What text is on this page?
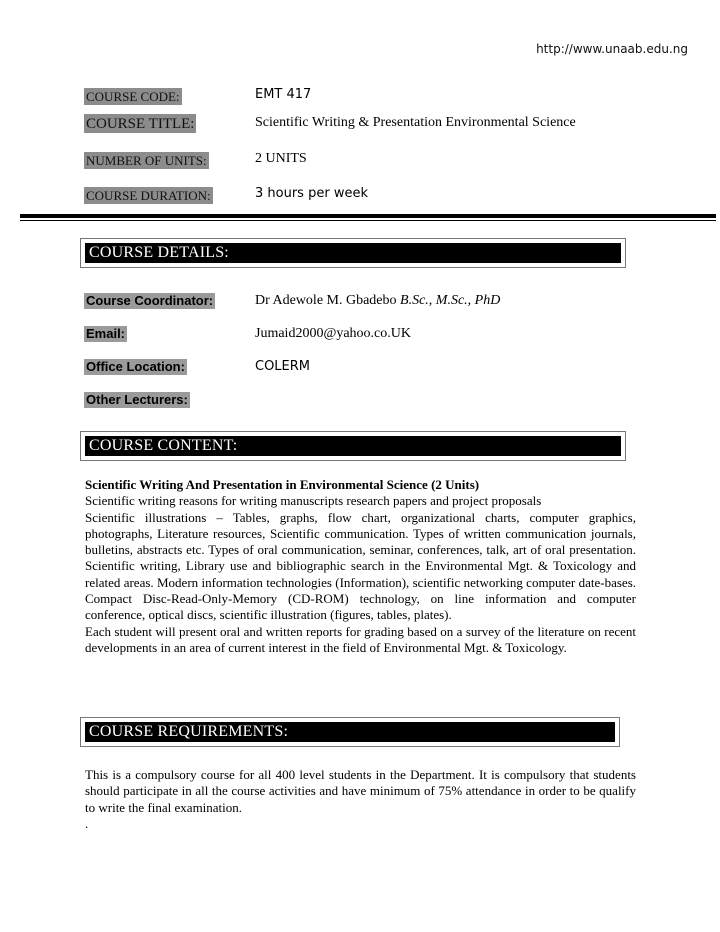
http://www.unaab.edu.ng
COURSE CODE:	EMT 417
COURSE TITLE:	Scientific Writing & Presentation Environmental Science
NUMBER OF UNITS:	2 UNITS
COURSE DURATION:	3 hours per week
COURSE DETAILS:
Course Coordinator:	Dr Adewole M. Gbadebo B.Sc., M.Sc., PhD
Email:	Jumaid2000@yahoo.co.UK
Office Location:	COLERM
Other Lecturers:
COURSE CONTENT:

Scientific Writing And Presentation in Environmental Science (2 Units)

Scientific writing reasons for writing manuscripts research papers and project proposals

Scientific illustrations – Tables, graphs, flow chart, organizational charts, computer graphics, photographs, Literature resources, Scientific communication. Types of written communication journals, bulletins, abstracts etc. Types of oral communication, seminar, conferences, talk, art of oral presentation. Scientific writing, Library use and bibliographic search in the Environmental Mgt. & Toxicology and related areas. Modern information technologies (Information), scientific networking computer date-bases. Compact Disc-Read-Only-Memory (CD-ROM) technology, on line information and computer conference, optical discs, scientific illustration (figures, tables, plates).

Each student will present oral and written reports for grading based on a survey of the literature on recent developments in an area of current interest in the field of Environmental Mgt. & Toxicology.

COURSE REQUIREMENTS:

This is a compulsory course for all 400 level students in the Department. It is compulsory that students should participate in all the course activities and have minimum of 75% attendance in order to be qualify to write the final examination.

.
